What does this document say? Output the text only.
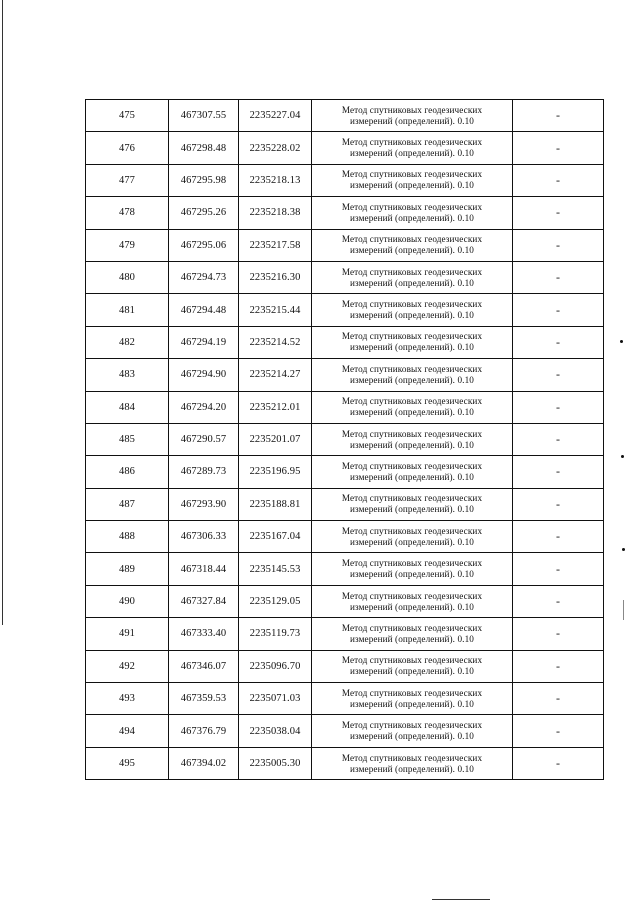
475	467307.55	2235227.04
Метод спутниковых геодезических
измерений (определений). 0.10	-
476	467298.48	2235228.02
Метод спутниковых геодезических
измерений (определений). 0.10	-
477	467295.98	2235218.13
Метод спутниковых геодезических
измерений (определений). 0.10	-
478	467295.26	2235218.38
Метод спутниковых геодезических
измерений (определений). 0.10	-
479	467295.06	2235217.58
Метод спутниковых геодезических
измерений (определений). 0.10	-
480	467294.73	2235216.30
Метод спутниковых геодезических
измерений (определений). 0.10	-
481	467294.48	2235215.44
Метод спутниковых геодезических
измерений (определений). 0.10	-
482	467294.19	2235214.52
Метод спутниковых геодезических
измерений (определений). 0.10	-
483	467294.90	2235214.27
Метод спутниковых геодезических
измерений (определений). 0.10	-
484	467294.20	2235212.01
Метод спутниковых геодезических
измерений (определений). 0.10	-
485	467290.57	2235201.07
Метод спутниковых геодезических
измерений (определений). 0.10	-
486	467289.73	2235196.95
Метод спутниковых геодезических
измерений (определений). 0.10	-
487	467293.90	2235188.81
Метод спутниковых геодезических
измерений (определений). 0.10	-
488	467306.33	2235167.04
Метод спутниковых геодезических
измерений (определений). 0.10	-
489	467318.44	2235145.53
Метод спутниковых геодезических
измерений (определений). 0.10	-
490	467327.84	2235129.05
Метод спутниковых геодезических
измерений (определений). 0.10	-
491	467333.40	2235119.73
Метод спутниковых геодезических
измерений (определений). 0.10	-
492	467346.07	2235096.70
Метод спутниковых геодезических
измерений (определений). 0.10	-
493	467359.53	2235071.03
Метод спутниковых геодезических
измерений (определений). 0.10	-
494	467376.79	2235038.04
Метод спутниковых геодезических
измерений (определений). 0.10	-
495	467394.02	2235005.30
Метод спутниковых геодезических
измерений (определений). 0.10	-
